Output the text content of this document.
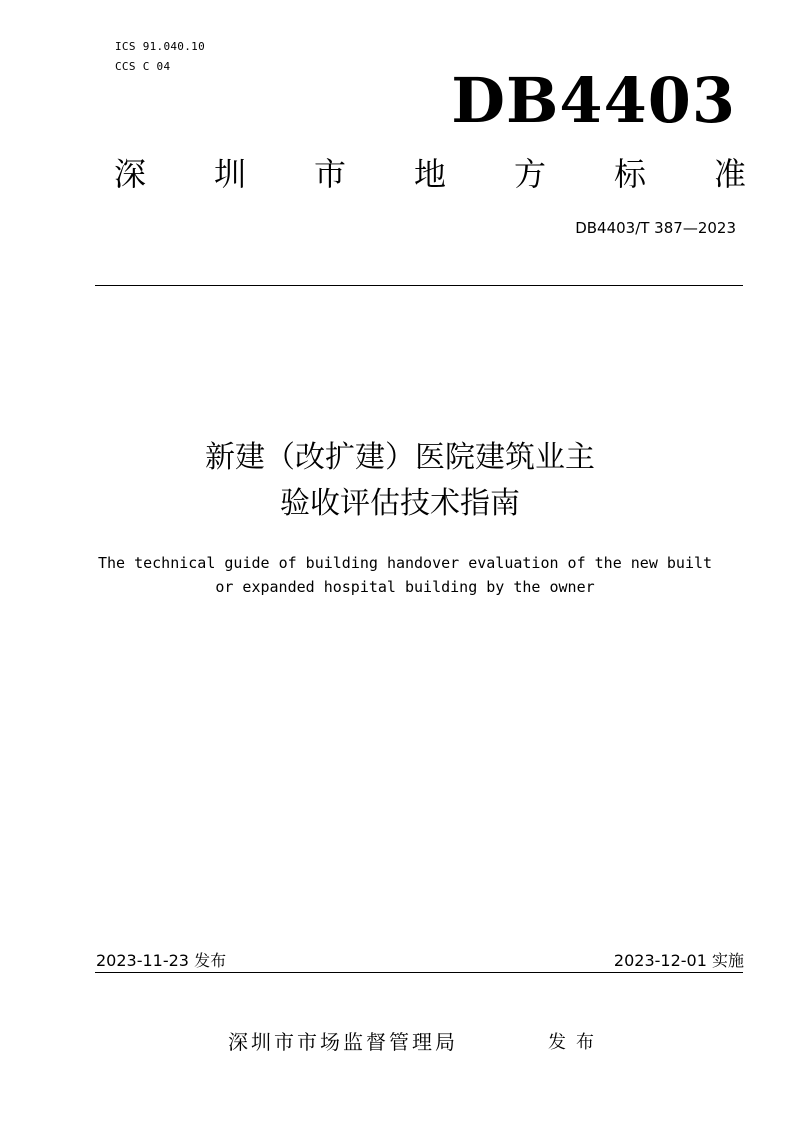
ICS 91.040.10
CCS C 04	DB4403
深 圳 市 地 方 标 准
DB4403/T 387—2023
新建（改扩建）医院建筑业主
验收评估技术指南
The technical guide of building handover evaluation of the new built
or expanded hospital building by the owner
2023-11-23 发布	2023-12-01 实施
深圳市市场监督管理局	发布
